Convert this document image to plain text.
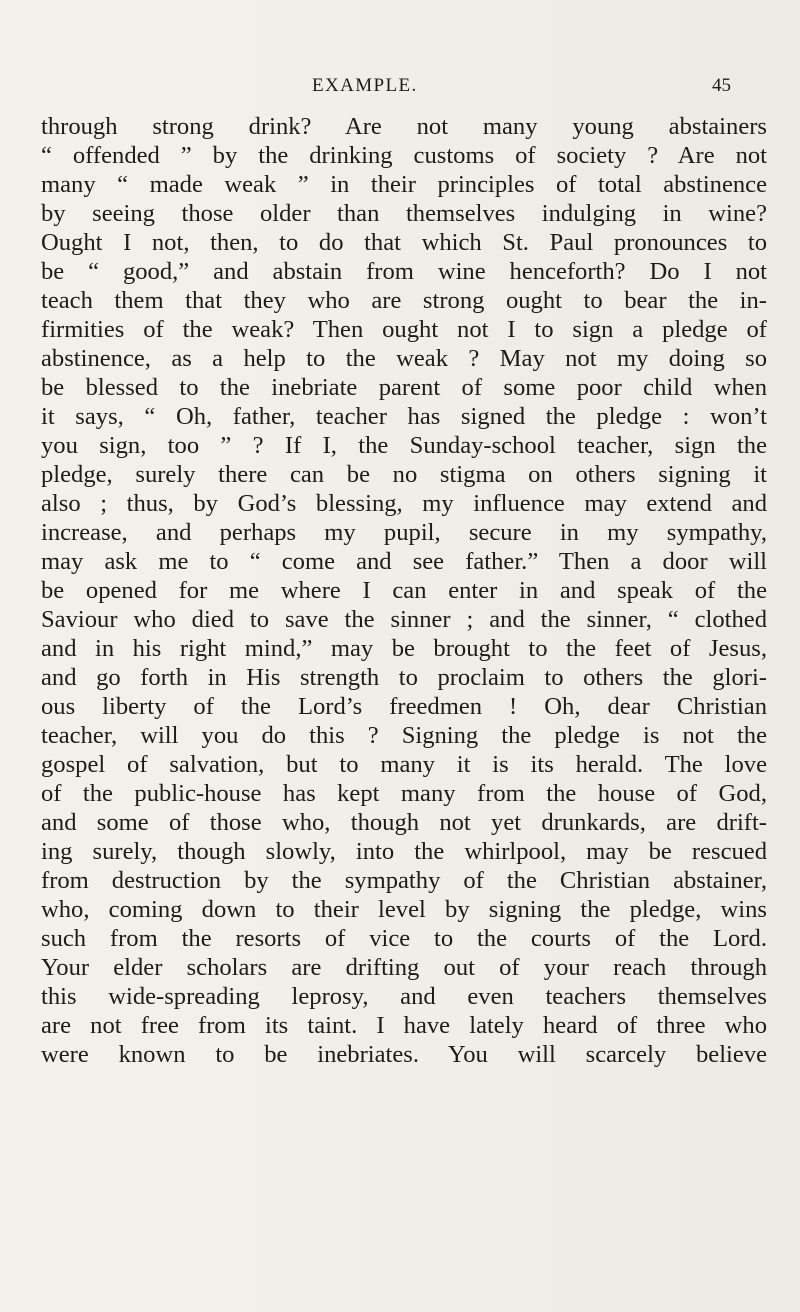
EXAMPLE.	45
through strong drink? Are not many young abstainers
“ offended ” by the drinking customs of society ? Are not
many “ made weak ” in their principles of total abstinence
by seeing those older than themselves indulging in wine?
Ought I not, then, to do that which St. Paul pronounces to
be “ good,” and abstain from wine henceforth? Do I not
teach them that they who are strong ought to bear the in-
firmities of the weak? Then ought not I to sign a pledge of
abstinence, as a help to the weak ? May not my doing so
be blessed to the inebriate parent of some poor child when
it says, “ Oh, father, teacher has signed the pledge : won’t
you sign, too ” ? If I, the Sunday-school teacher, sign the
pledge, surely there can be no stigma on others signing it
also ; thus, by God’s blessing, my influence may extend and
increase, and perhaps my pupil, secure in my sympathy,
may ask me to “ come and see father.” Then a door will
be opened for me where I can enter in and speak of the
Saviour who died to save the sinner ; and the sinner, “ clothed
and in his right mind,” may be brought to the feet of Jesus,
and go forth in His strength to proclaim to others the glori-
ous liberty of the Lord’s freedmen ! Oh, dear Christian
teacher, will you do this ? Signing the pledge is not the
gospel of salvation, but to many it is its herald. The love
of the public-house has kept many from the house of God,
and some of those who, though not yet drunkards, are drift-
ing surely, though slowly, into the whirlpool, may be rescued
from destruction by the sympathy of the Christian abstainer,
who, coming down to their level by signing the pledge, wins
such from the resorts of vice to the courts of the Lord.
Your elder scholars are drifting out of your reach through
this wide-spreading leprosy, and even teachers themselves
are not free from its taint. I have lately heard of three who
were known to be inebriates. You will scarcely believe
